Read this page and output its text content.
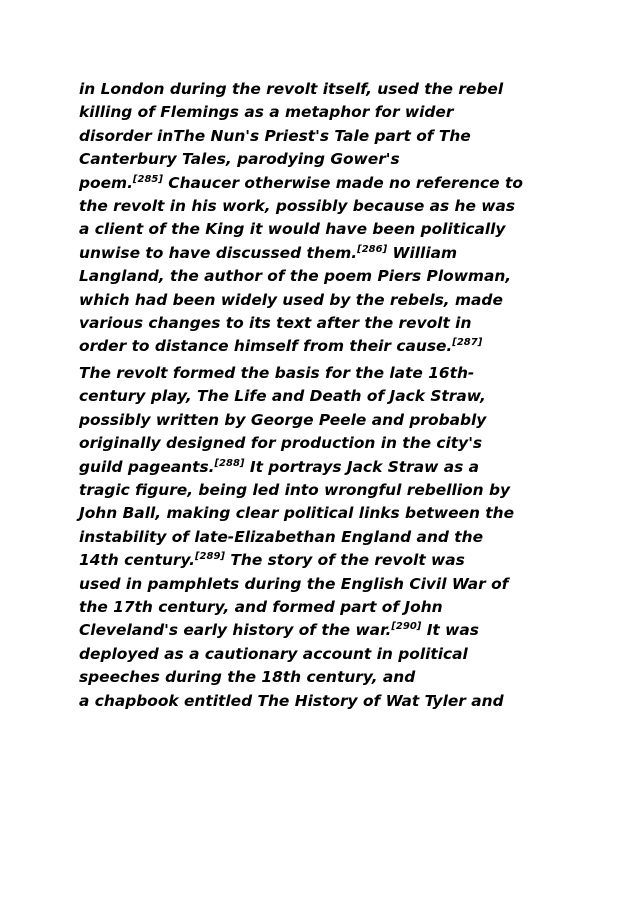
in London during the revolt itself, used the rebel
killing of Flemings as a metaphor for wider
disorder inThe Nun's Priest's Tale part of The
Canterbury Tales, parodying Gower's
poem.[285] Chaucer otherwise made no reference to
the revolt in his work, possibly because as he was
a client of the King it would have been politically
unwise to have discussed them.[286] William
Langland, the author of the poem Piers Plowman,
which had been widely used by the rebels, made
various changes to its text after the revolt in
order to distance himself from their cause.[287]

The revolt formed the basis for the late 16th-
century play, The Life and Death of Jack Straw,
possibly written by George Peele and probably
originally designed for production in the city's
guild pageants.[288] It portrays Jack Straw as a
tragic figure, being led into wrongful rebellion by
John Ball, making clear political links between the
instability of late-Elizabethan England and the
14th century.[289] The story of the revolt was
used in pamphlets during the English Civil War of
the 17th century, and formed part of John
Cleveland's early history of the war.[290] It was
deployed as a cautionary account in political
speeches during the 18th century, and
a chapbook entitled The History of Wat Tyler and
